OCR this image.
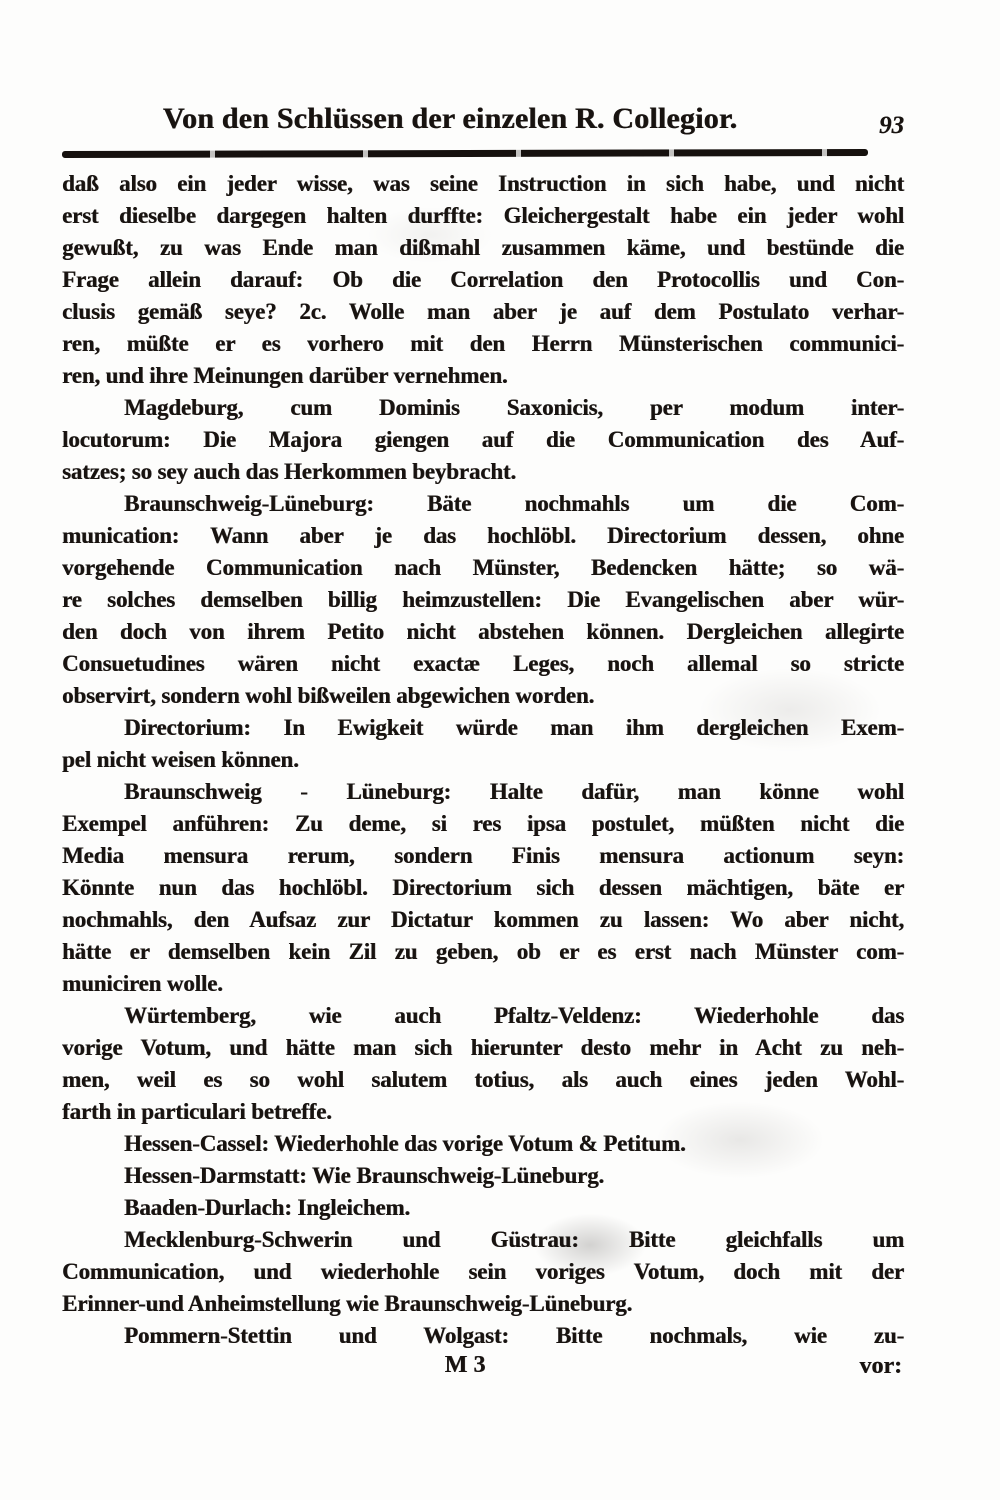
Von den Schlüssen der einzelen R. Collegior.	93
daß also ein jeder wisse, was seine Instruction in sich habe, und nicht
erst dieselbe dargegen halten durffte: Gleichergestalt habe ein jeder wohl
gewußt, zu was Ende man dißmahl zusammen käme, und bestünde die
Frage allein darauf: Ob die Correlation den Protocollis und Con-
clusis gemäß seye? 2c. Wolle man aber je auf dem Postulato verhar-
ren, müßte er es vorhero mit den Herrn Münsterischen communici-
ren, und ihre Meinungen darüber vernehmen.
Magdeburg, cum Dominis Saxonicis, per modum inter-
locutorum: Die Majora giengen auf die Communication des Auf-
satzes; so sey auch das Herkommen beybracht.
Braunschweig-Lüneburg: Bäte nochmahls um die Com-
munication: Wann aber je das hochlöbl. Directorium dessen, ohne
vorgehende Communication nach Münster, Bedencken hätte; so wä-
re solches demselben billig heimzustellen: Die Evangelischen aber wür-
den doch von ihrem Petito nicht abstehen können. Dergleichen allegirte
Consuetudines wären nicht exactæ Leges, noch allemal so stricte
observirt, sondern wohl bißweilen abgewichen worden.
Directorium: In Ewigkeit würde man ihm dergleichen Exem-
pel nicht weisen können.
Braunschweig - Lüneburg: Halte dafür, man könne wohl
Exempel anführen: Zu deme, si res ipsa postulet, müßten nicht die
Media mensura rerum, sondern Finis mensura actionum seyn:
Könnte nun das hochlöbl. Directorium sich dessen mächtigen, bäte er
nochmahls, den Aufsaz zur Dictatur kommen zu lassen: Wo aber nicht,
hätte er demselben kein Zil zu geben, ob er es erst nach Münster com-
municiren wolle.
Würtemberg, wie auch Pfaltz-Veldenz: Wiederhohle das
vorige Votum, und hätte man sich hierunter desto mehr in Acht zu neh-
men, weil es so wohl salutem totius, als auch eines jeden Wohl-
farth in particulari betreffe.
Hessen-Cassel: Wiederhohle das vorige Votum & Petitum.
Hessen-Darmstatt: Wie Braunschweig-Lüneburg.
Baaden-Durlach: Ingleichem.
Mecklenburg-Schwerin und Güstrau: Bitte gleichfalls um
Communication, und wiederhohle sein voriges Votum, doch mit der
Erinner-und Anheimstellung wie Braunschweig-Lüneburg.
Pommern-Stettin und Wolgast: Bitte nochmals, wie zu-
M 3	vor:
